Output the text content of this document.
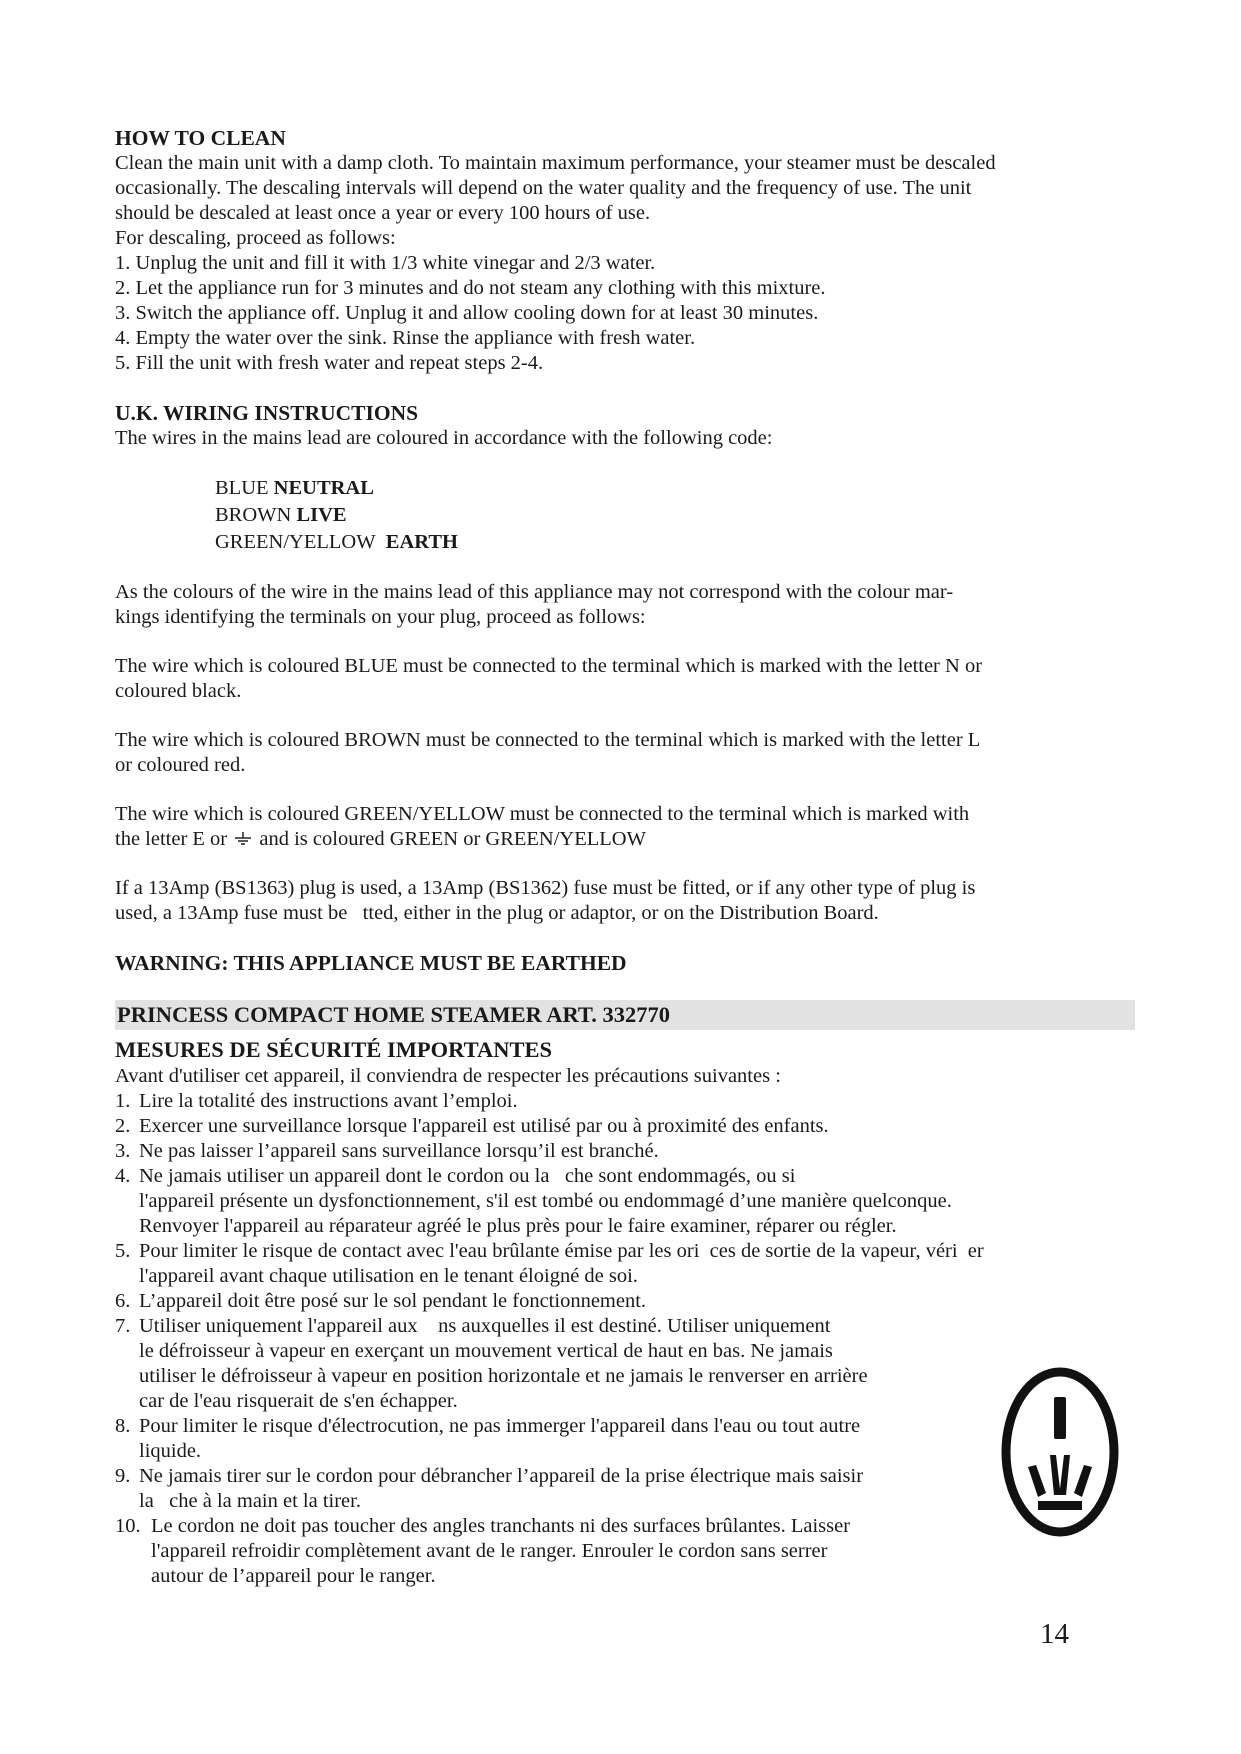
HOW TO CLEAN

Clean the main unit with a damp cloth. To maintain maximum performance, your steamer must be descaled

occasionally. The descaling intervals will depend on the water quality and the frequency of use. The unit

should be descaled at least once a year or every 100 hours of use.

For descaling, proceed as follows:

1. Unplug the unit and fill it with 1/3 white vinegar and 2/3 water.

2. Let the appliance run for 3 minutes and do not steam any clothing with this mixture.

3. Switch the appliance off. Unplug it and allow cooling down for at least 30 minutes.

4. Empty the water over the sink. Rinse the appliance with fresh water.

5. Fill the unit with fresh water and repeat steps 2-4.

U.K. WIRING INSTRUCTIONS

The wires in the mains lead are coloured in accordance with the following code:

BLUE NEUTRAL
BROWN LIVE
GREEN/YELLOW EARTH

As the colours of the wire in the mains lead of this appliance may not correspond with the colour mar-

kings identifying the terminals on your plug, proceed as follows:

The wire which is coloured BLUE must be connected to the terminal which is marked with the letter N or

coloured black.

The wire which is coloured BROWN must be connected to the terminal which is marked with the letter L

or coloured red.

The wire which is coloured GREEN/YELLOW must be connected to the terminal which is marked with

the letter E or and is coloured GREEN or GREEN/YELLOW

If a 13Amp (BS1363) plug is used, a 13Amp (BS1362) fuse must be fitted, or if any other type of plug is

used, a 13Amp fuse must be   tted, either in the plug or adaptor, or on the Distribution Board.

WARNING: THIS APPLIANCE MUST BE EARTHED
PRINCESS COMPACT HOME STEAMER ART. 332770
MESURES DE SÉCURITÉ IMPORTANTES

Avant d'utiliser cet appareil, il conviendra de respecter les précautions suivantes :

1. Lire la totalité des instructions avant l’emploi.
2. Exercer une surveillance lorsque l'appareil est utilisé par ou à proximité des enfants.
3. Ne pas laisser l’appareil sans surveillance lorsqu’il est branché.
4. Ne jamais utiliser un appareil dont le cordon ou la   che sont endommagés, ou si
l'appareil présente un dysfonctionnement, s'il est tombé ou endommagé d’une manière quelconque.
Renvoyer l'appareil au réparateur agréé le plus près pour le faire examiner, réparer ou régler.
5. Pour limiter le risque de contact avec l'eau brûlante émise par les ori  ces de sortie de la vapeur, véri  er
l'appareil avant chaque utilisation en le tenant éloigné de soi.
6. L’appareil doit être posé sur le sol pendant le fonctionnement.
7. Utiliser uniquement l'appareil aux    ns auxquelles il est destiné. Utiliser uniquement
le défroisseur à vapeur en exerçant un mouvement vertical de haut en bas. Ne jamais
utiliser le défroisseur à vapeur en position horizontale et ne jamais le renverser en arrière
car de l'eau risquerait de s'en échapper.
8. Pour limiter le risque d'électrocution, ne pas immerger l'appareil dans l'eau ou tout autre
liquide.
9. Ne jamais tirer sur le cordon pour débrancher l’appareil de la prise électrique mais saisir
la   che à la main et la tirer.
10. Le cordon ne doit pas toucher des angles tranchants ni des surfaces brûlantes. Laisser
l'appareil refroidir complètement avant de le ranger. Enrouler le cordon sans serrer
autour de l’appareil pour le ranger.
14
